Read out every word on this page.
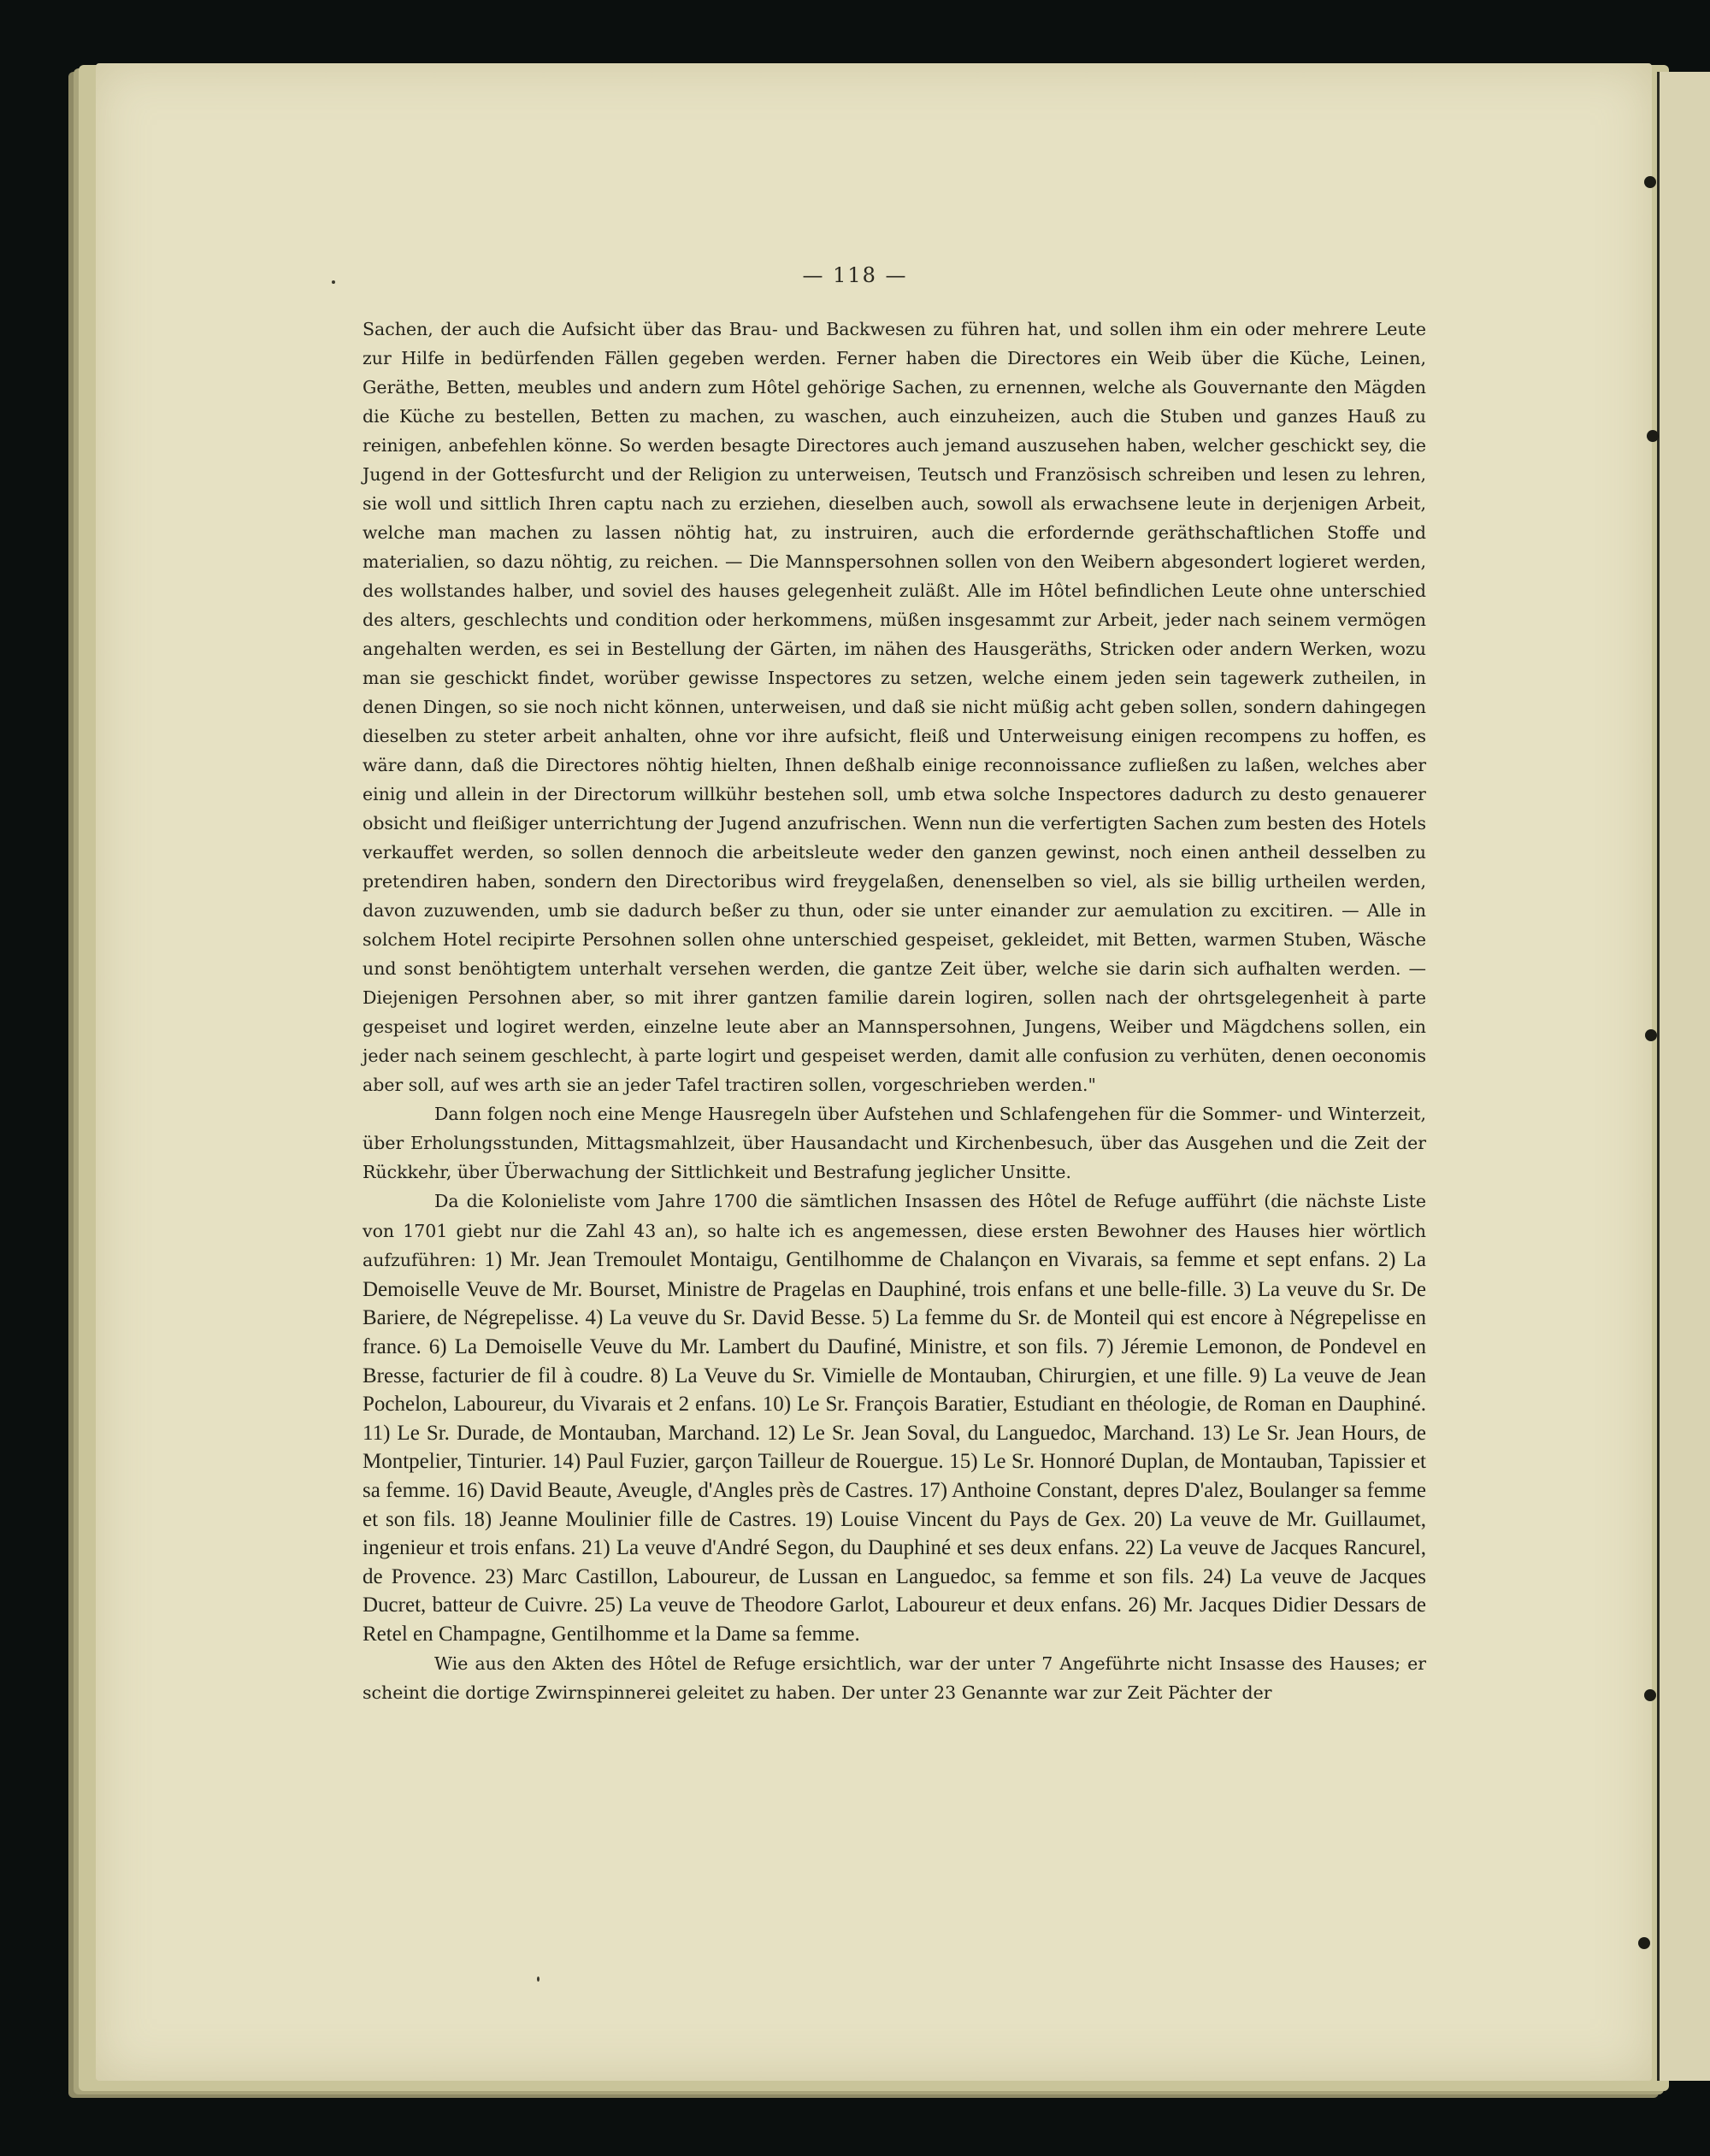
— 118 —

Sachen, der auch die Aufsicht über das Brau- und Backwesen zu führen hat, und sollen ihm ein oder mehrere Leute zur Hilfe in bedürfenden Fällen gegeben werden. Ferner haben die Directores ein Weib über die Küche, Leinen, Geräthe, Betten, meubles und andern zum Hôtel gehörige Sachen, zu ernennen, welche als Gouvernante den Mägden die Küche zu bestellen, Betten zu machen, zu waschen, auch einzuheizen, auch die Stuben und ganzes Hauß zu reinigen, anbefehlen könne. So werden besagte Directores auch jemand auszusehen haben, welcher geschickt sey, die Jugend in der Gottesfurcht und der Religion zu unterweisen, Teutsch und Französisch schreiben und lesen zu lehren, sie woll und sittlich Ihren captu nach zu erziehen, dieselben auch, sowoll als erwachsene leute in derjenigen Arbeit, welche man machen zu lassen nöhtig hat, zu instruiren, auch die erfordernde geräthschaftlichen Stoffe und materialien, so dazu nöhtig, zu reichen. — Die Mannspersohnen sollen von den Weibern abgesondert logieret werden, des wollstandes halber, und soviel des hauses gelegenheit zuläßt. Alle im Hôtel befindlichen Leute ohne unterschied des alters, geschlechts und condition oder herkommens, müßen insgesammt zur Arbeit, jeder nach seinem vermögen angehalten werden, es sei in Bestellung der Gärten, im nähen des Hausgeräths, Stricken oder andern Werken, wozu man sie geschickt findet, worüber gewisse Inspectores zu setzen, welche einem jeden sein tagewerk zutheilen, in denen Dingen, so sie noch nicht können, unterweisen, und daß sie nicht müßig acht geben sollen, sondern dahingegen dieselben zu steter arbeit anhalten, ohne vor ihre aufsicht, fleiß und Unterweisung einigen recompens zu hoffen, es wäre dann, daß die Directores nöhtig hielten, Ihnen deßhalb einige reconnoissance zufließen zu laßen, welches aber einig und allein in der Directorum willkühr bestehen soll, umb etwa solche Inspectores dadurch zu desto genauerer obsicht und fleißiger unterrichtung der Jugend anzufrischen. Wenn nun die verfertigten Sachen zum besten des Hotels verkauffet werden, so sollen dennoch die arbeitsleute weder den ganzen gewinst, noch einen antheil desselben zu pretendiren haben, sondern den Directoribus wird freygelaßen, denenselben so viel, als sie billig urtheilen werden, davon zuzuwenden, umb sie dadurch beßer zu thun, oder sie unter einander zur aemulation zu excitiren. — Alle in solchem Hotel recipirte Persohnen sollen ohne unterschied gespeiset, gekleidet, mit Betten, warmen Stuben, Wäsche und sonst benöhtigtem unterhalt versehen werden, die gantze Zeit über, welche sie darin sich aufhalten werden. — Diejenigen Persohnen aber, so mit ihrer gantzen familie darein logiren, sollen nach der ohrtsgelegenheit à parte gespeiset und logiret werden, einzelne leute aber an Mannspersohnen, Jungens, Weiber und Mägdchens sollen, ein jeder nach seinem geschlecht, à parte logirt und gespeiset werden, damit alle confusion zu verhüten, denen oeconomis aber soll, auf wes arth sie an jeder Tafel tractiren sollen, vorgeschrieben werden."

Dann folgen noch eine Menge Hausregeln über Aufstehen und Schlafengehen für die Sommer- und Winterzeit, über Erholungsstunden, Mittagsmahlzeit, über Hausandacht und Kirchenbesuch, über das Ausgehen und die Zeit der Rückkehr, über Überwachung der Sittlichkeit und Bestrafung jeglicher Unsitte.

Da die Kolonieliste vom Jahre 1700 die sämtlichen Insassen des Hôtel de Refuge aufführt (die nächste Liste von 1701 giebt nur die Zahl 43 an), so halte ich es angemessen, diese ersten Bewohner des Hauses hier wörtlich aufzuführen: 1) Mr. Jean Tremoulet Montaigu, Gentilhomme de Chalançon en Vivarais, sa femme et sept enfans. 2) La Demoiselle Veuve de Mr. Bourset, Ministre de Pragelas en Dauphiné, trois enfans et une belle-fille. 3) La veuve du Sr. De Bariere, de Négrepelisse. 4) La veuve du Sr. David Besse. 5) La femme du Sr. de Monteil qui est encore à Négrepelisse en france. 6) La Demoiselle Veuve du Mr. Lambert du Daufiné, Ministre, et son fils. 7) Jéremie Lemonon, de Pondevel en Bresse, facturier de fil à coudre. 8) La Veuve du Sr. Vimielle de Montauban, Chirurgien, et une fille. 9) La veuve de Jean Pochelon, Laboureur, du Vivarais et 2 enfans. 10) Le Sr. François Baratier, Estudiant en théologie, de Roman en Dauphiné. 11) Le Sr. Durade, de Montauban, Marchand. 12) Le Sr. Jean Soval, du Languedoc, Marchand. 13) Le Sr. Jean Hours, de Montpelier, Tinturier. 14) Paul Fuzier, garçon Tailleur de Rouergue. 15) Le Sr. Honnoré Duplan, de Montauban, Tapissier et sa femme. 16) David Beaute, Aveugle, d'Angles près de Castres. 17) Anthoine Constant, depres D'alez, Boulanger sa femme et son fils. 18) Jeanne Moulinier fille de Castres. 19) Louise Vincent du Pays de Gex. 20) La veuve de Mr. Guillaumet, ingenieur et trois enfans. 21) La veuve d'André Segon, du Dauphiné et ses deux enfans. 22) La veuve de Jacques Rancurel, de Provence. 23) Marc Castillon, Laboureur, de Lussan en Languedoc, sa femme et son fils. 24) La veuve de Jacques Ducret, batteur de Cuivre. 25) La veuve de Theodore Garlot, Laboureur et deux enfans. 26) Mr. Jacques Didier Dessars de Retel en Champagne, Gentilhomme et la Dame sa femme.

Wie aus den Akten des Hôtel de Refuge ersichtlich, war der unter 7 Angeführte nicht Insasse des Hauses; er scheint die dortige Zwirnspinnerei geleitet zu haben. Der unter 23 Genannte war zur Zeit Pächter der
